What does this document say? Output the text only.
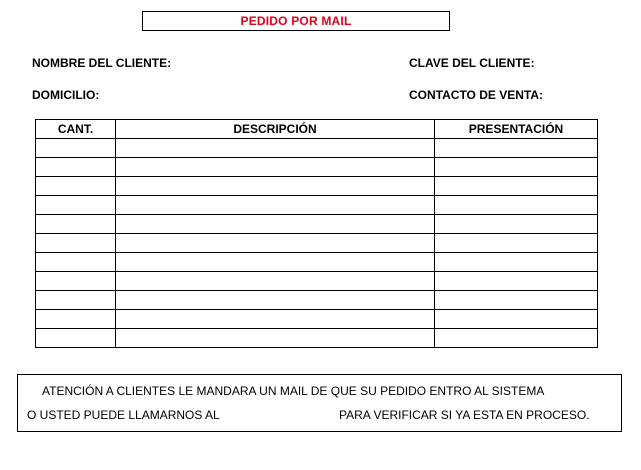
PEDIDO POR MAIL
NOMBRE DEL CLIENTE:	CLAVE DEL CLIENTE:
DOMICILIO:	CONTACTO DE VENTA:
CANT.	DESCRIPCIÓN	PRESENTACIÓN

ATENCIÓN A CLIENTES LE MANDARA UN MAIL DE QUE SU PEDIDO ENTRO AL SISTEMA
O USTED PUEDE LLAMARNOS AL	PARA VERIFICAR SI YA ESTA EN PROCESO.
